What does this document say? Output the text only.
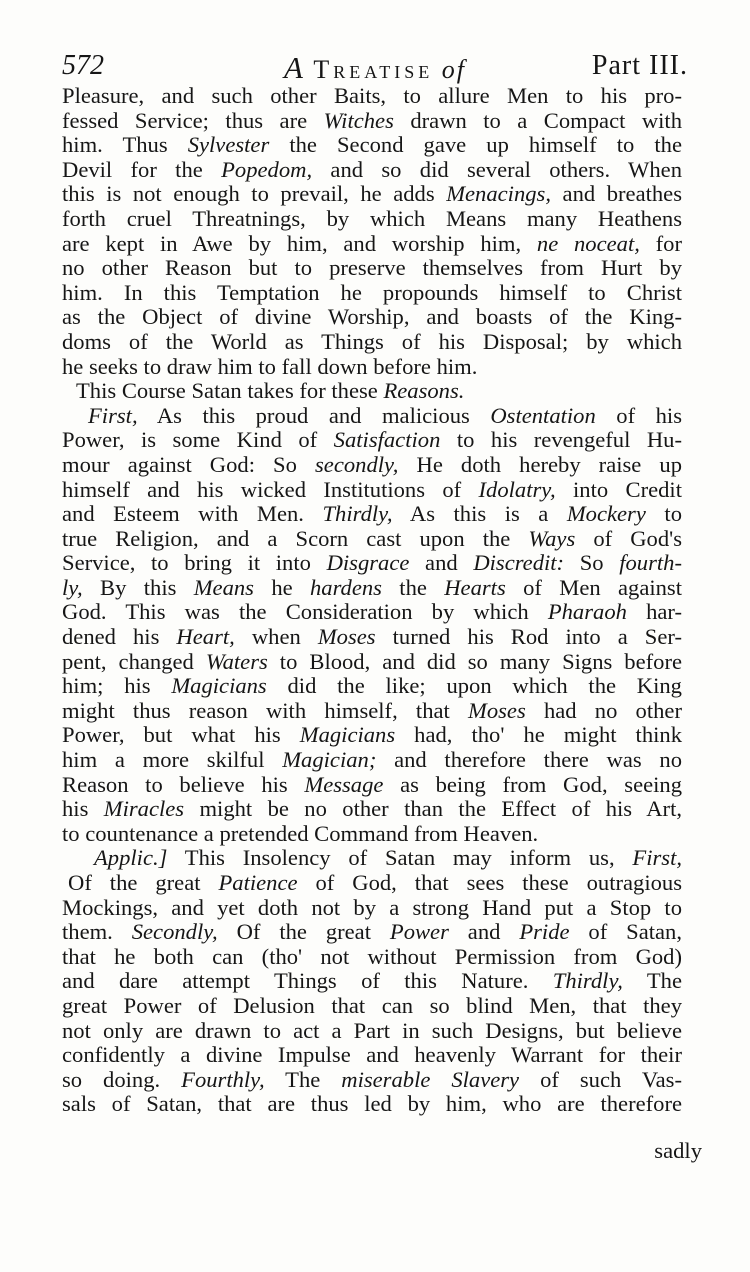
572	A Treatise of	Part III.
Pleasure, and such other Baits, to allure Men to his pro-
fessed Service; thus are Witches drawn to a Compact with
him. Thus Sylvester the Second gave up himself to the
Devil for the Popedom, and so did several others. When
this is not enough to prevail, he adds Menacings, and breathes
forth cruel Threatnings, by which Means many Heathens
are kept in Awe by him, and worship him, ne noceat, for
no other Reason but to preserve themselves from Hurt by
him. In this Temptation he propounds himself to Christ
as the Object of divine Worship, and boasts of the King-
doms of the World as Things of his Disposal; by which
he seeks to draw him to fall down before him.
This Course Satan takes for these Reasons.
First, As this proud and malicious Ostentation of his
Power, is some Kind of Satisfaction to his revengeful Hu-
mour against God: So secondly, He doth hereby raise up
himself and his wicked Institutions of Idolatry, into Credit
and Esteem with Men. Thirdly, As this is a Mockery to
true Religion, and a Scorn cast upon the Ways of God's
Service, to bring it into Disgrace and Discredit: So fourth-
ly, By this Means he hardens the Hearts of Men against
God. This was the Consideration by which Pharaoh har-
dened his Heart, when Moses turned his Rod into a Ser-
pent, changed Waters to Blood, and did so many Signs before
him; his Magicians did the like; upon which the King
might thus reason with himself, that Moses had no other
Power, but what his Magicians had, tho' he might think
him a more skilful Magician; and therefore there was no
Reason to believe his Message as being from God, seeing
his Miracles might be no other than the Effect of his Art,
to countenance a pretended Command from Heaven.
Applic.] This Insolency of Satan may inform us, First,
Of the great Patience of God, that sees these outragious
Mockings, and yet doth not by a strong Hand put a Stop to
them. Secondly, Of the great Power and Pride of Satan,
that he both can (tho' not without Permission from God)
and dare attempt Things of this Nature. Thirdly, The
great Power of Delusion that can so blind Men, that they
not only are drawn to act a Part in such Designs, but believe
confidently a divine Impulse and heavenly Warrant for their
so doing. Fourthly, The miserable Slavery of such Vas-
sals of Satan, that are thus led by him, who are therefore
sadly
